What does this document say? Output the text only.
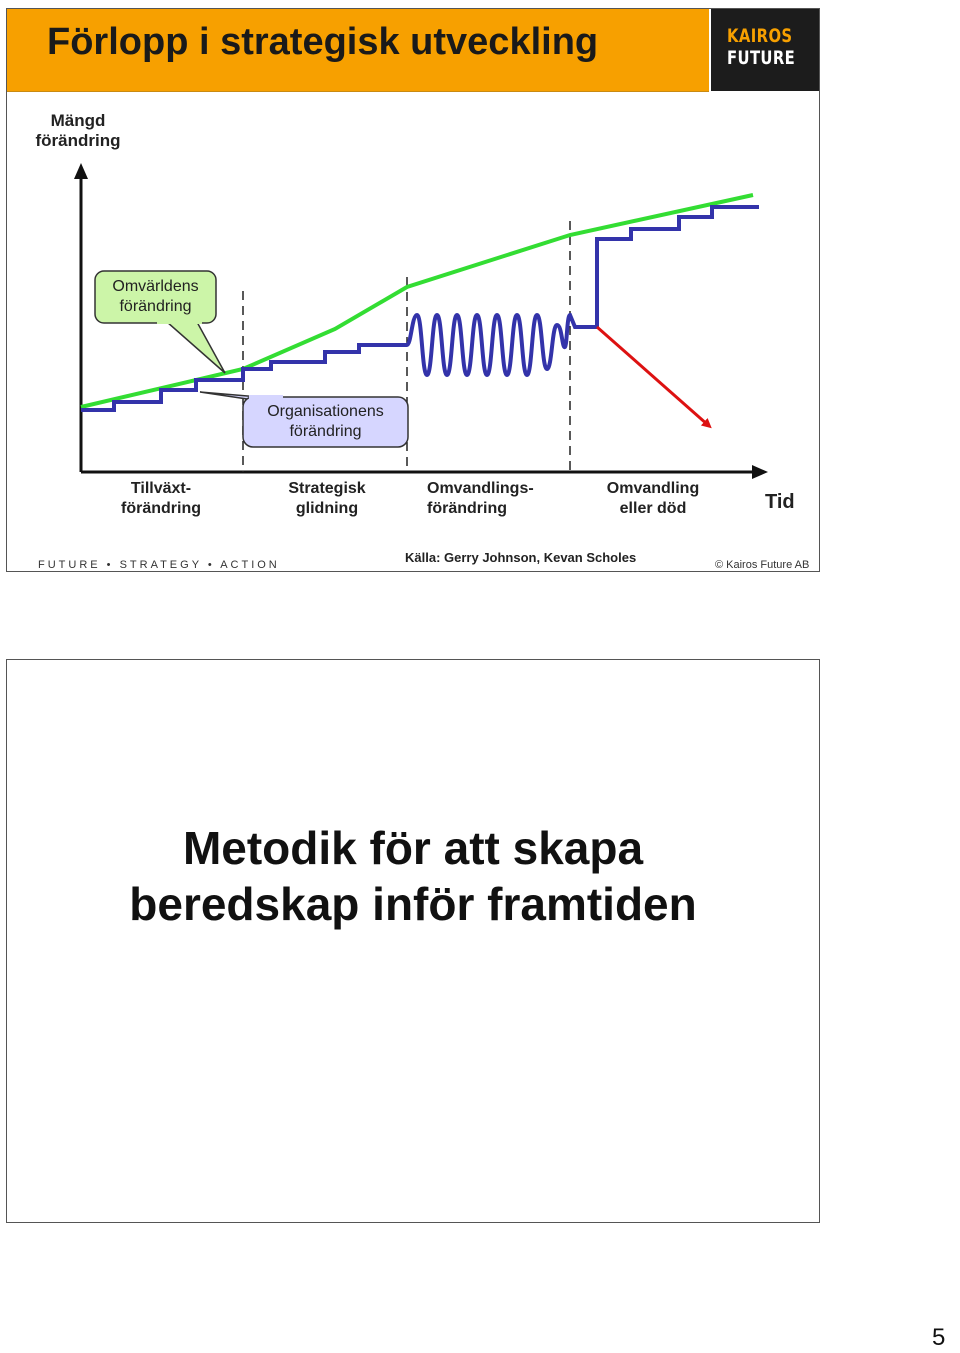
Förlopp i strategisk utveckling	KAIROS
FUTURE
Mängd
förändring
Tid
Omvärldens
förändring
Organisationens
förändring
Tillväxt-
förändring
Strategisk
glidning
Omvandlings-
förändring
Omvandling
eller död
FUTURE • STRATEGY • ACTION	Källa: Gerry Johnson, Kevan Scholes	© Kairos Future AB
Metodik för att skapa
beredskap inför framtiden
5
